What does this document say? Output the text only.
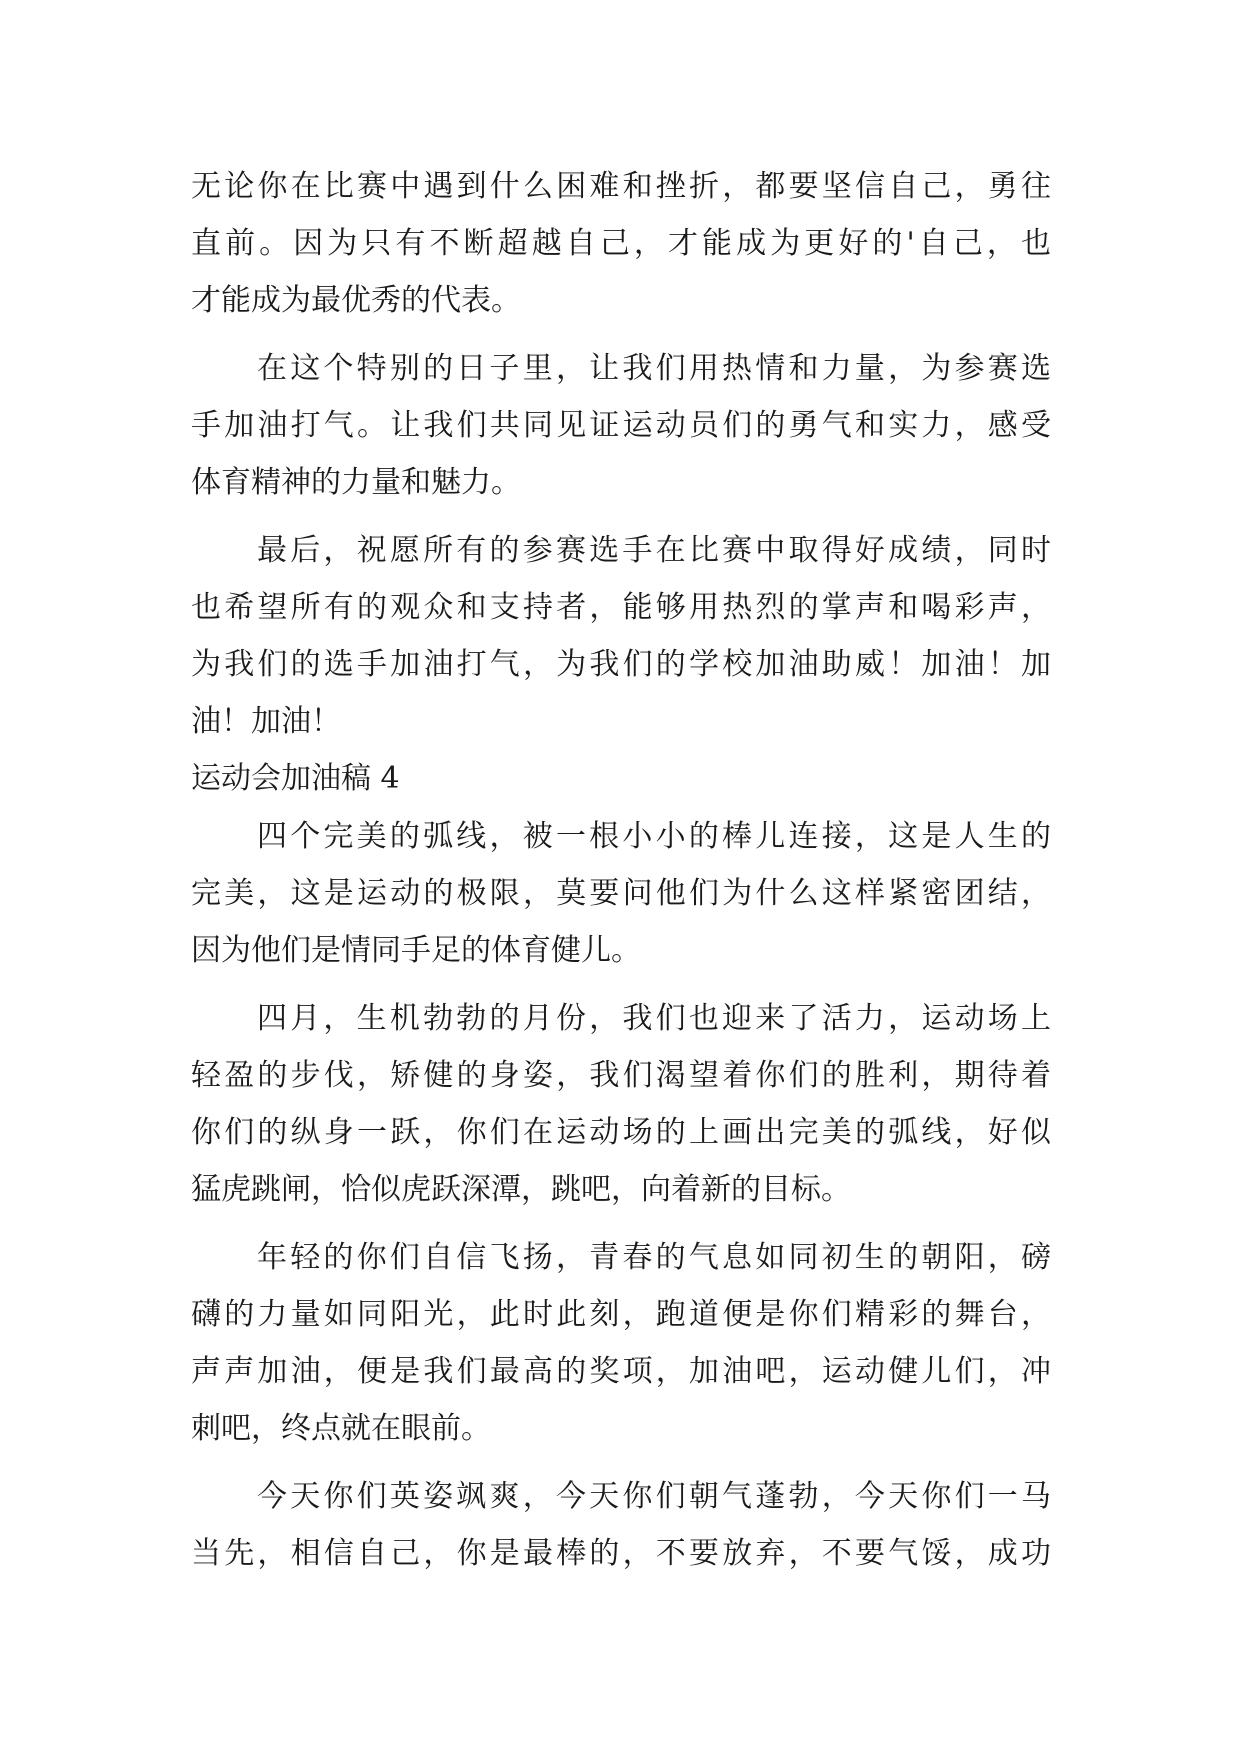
无论你在比赛中遇到什么困难和挫折，都要坚信自己，勇往
直前。因为只有不断超越自己，才能成为更好的'自己，也
才能成为最优秀的代表。
在这个特别的日子里，让我们用热情和力量，为参赛选
手加油打气。让我们共同见证运动员们的勇气和实力，感受
体育精神的力量和魅力。
最后，祝愿所有的参赛选手在比赛中取得好成绩，同时
也希望所有的观众和支持者，能够用热烈的掌声和喝彩声，
为我们的选手加油打气，为我们的学校加油助威！加油！加
油！加油！
运动会加油稿 4
四个完美的弧线，被一根小小的棒儿连接，这是人生的
完美，这是运动的极限，莫要问他们为什么这样紧密团结，
因为他们是情同手足的体育健儿。
四月，生机勃勃的月份，我们也迎来了活力，运动场上
轻盈的步伐，矫健的身姿，我们渴望着你们的胜利，期待着
你们的纵身一跃，你们在运动场的上画出完美的弧线，好似
猛虎跳闸，恰似虎跃深潭，跳吧，向着新的目标。
年轻的你们自信飞扬，青春的气息如同初生的朝阳，磅
礴的力量如同阳光，此时此刻，跑道便是你们精彩的舞台，
声声加油，便是我们最高的奖项，加油吧，运动健儿们，冲
刺吧，终点就在眼前。
今天你们英姿飒爽，今天你们朝气蓬勃，今天你们一马
当先，相信自己，你是最棒的，不要放弃，不要气馁，成功
